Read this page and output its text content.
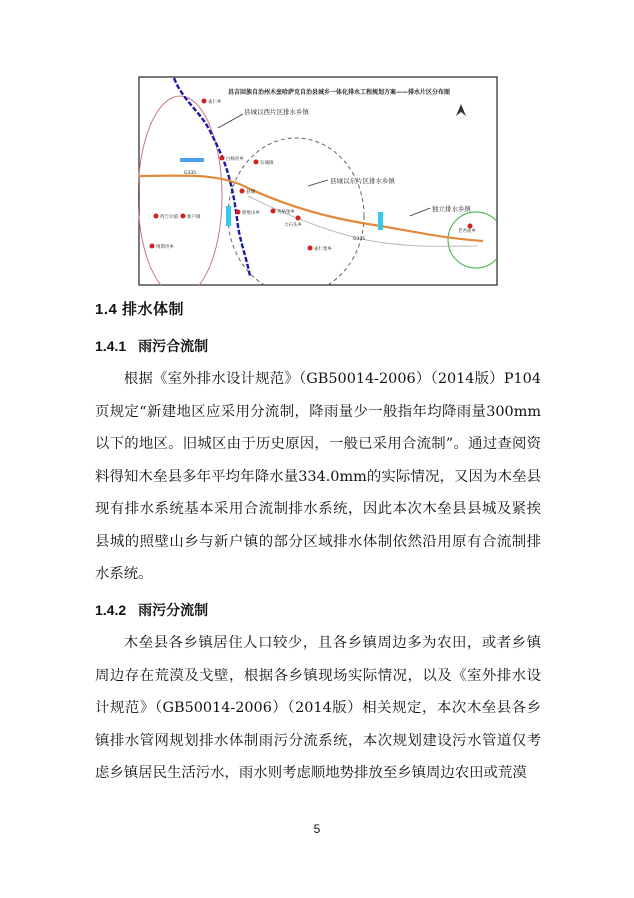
雀仁乡
白杨河乡
东城镇
西吉尔镇 新户镇
县城
照壁山乡	英格堡乡
大石头乡
博斯坦乡	雀仁堡乡
老君庙乡
G335
G335
昌吉回族自治州木垒哈萨克自治县城乡一体化排水工程规划方案——排水片区分布图
县城以西片区排水乡镇
县城以东片区排水乡镇
独立排水乡镇
1.4 排水体制
1.4.1 雨污合流制

根据《室外排水设计规范》（GB50014-2006）（2014版）P104页规定“新建地区应采用分流制，降雨量少一般指年均降雨量300mm以下的地区。旧城区由于历史原因，一般已采用合流制”。通过查阅资料得知木垒县多年平均年降水量334.0mm的实际情况，又因为木垒县现有排水系统基本采用合流制排水系统，因此本次木垒县县城及紧挨县城的照壁山乡与新户镇的部分区域排水体制依然沿用原有合流制排水系统。

1.4.2 雨污分流制

木垒县各乡镇居住人口较少，且各乡镇周边多为农田，或者乡镇周边存在荒漠及戈壁，根据各乡镇现场实际情况，以及《室外排水设计规范》（GB50014-2006）（2014版）相关规定，本次木垒县各乡镇排水管网规划排水体制雨污分流系统，本次规划建设污水管道仅考虑乡镇居民生活污水，雨水则考虑顺地势排放至乡镇周边农田或荒漠

5
